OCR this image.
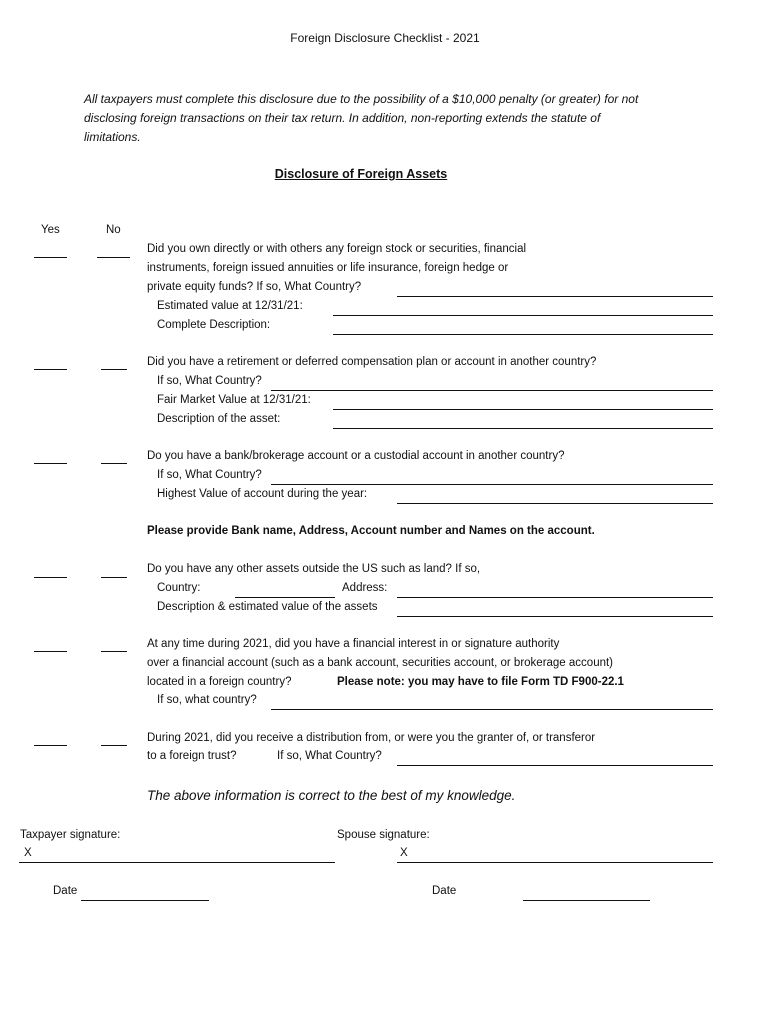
Foreign Disclosure Checklist - 2021
All taxpayers must complete this disclosure due to the possibility of a $10,000 penalty (or greater) for not disclosing foreign transactions on their tax return. In addition, non-reporting extends the statute of limitations.
Disclosure of Foreign Assets
Yes	No
Did you own directly or with others any foreign stock or securities, financial
instruments, foreign issued annuities or life insurance, foreign hedge or
private equity funds? If so, What Country?
Estimated value at 12/31/21:
Complete Description:
Did you have a retirement or deferred compensation plan or account in another country?
If so, What Country?
Fair Market Value at 12/31/21:
Description of the asset:
Do you have a bank/brokerage account or a custodial account in another country?
If so, What Country?
Highest Value of account during the year:
Please provide Bank name, Address, Account number and Names on the account.
Do you have any other assets outside the US such as land? If so,
Country:	Address:
Description & estimated value of the assets
At any time during 2021, did you have a financial interest in or signature authority
over a financial account (such as a bank account, securities account, or brokerage account)
located in a foreign country?	Please note: you may have to file Form TD F900-22.1
If so, what country?
During 2021, did you receive a distribution from, or were you the granter of, or transferor
to a foreign trust?	If so, What Country?
The above information is correct to the best of my knowledge.
Taxpayer signature:
X
Spouse signature:
X
Date	Date
